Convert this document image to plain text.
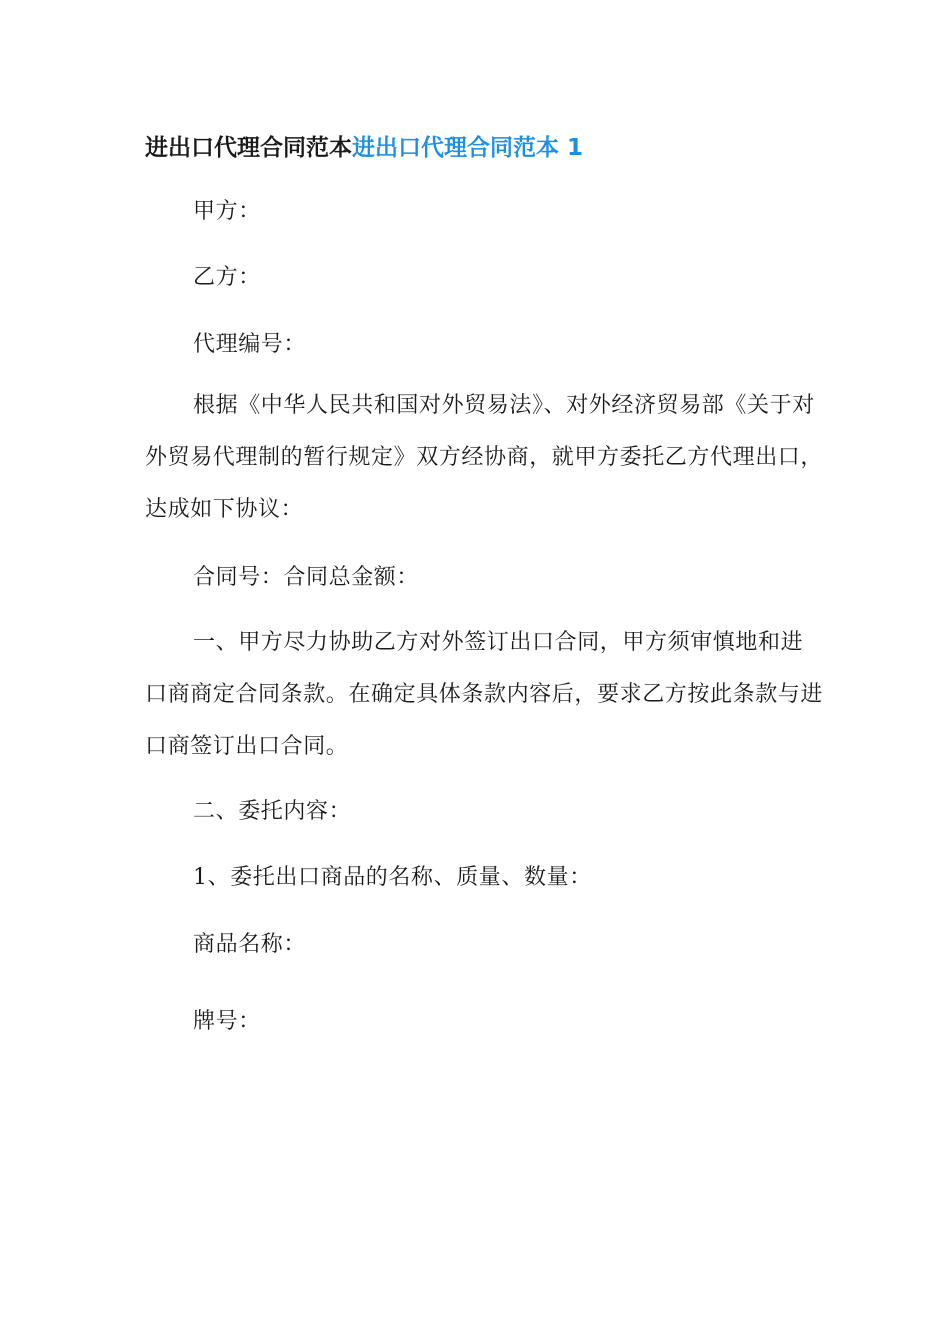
进出口代理合同范本进出口代理合同范本 1

甲方：

乙方：

代理编号：

根据《中华人民共和国对外贸易法》、对外经济贸易部《关于对外贸易代理制的暂行规定》双方经协商，就甲方委托乙方代理出口，达成如下协议：

合同号：合同总金额：

一、甲方尽力协助乙方对外签订出口合同，甲方须审慎地和进口商商定合同条款。在确定具体条款内容后，要求乙方按此条款与进口商签订出口合同。

二、委托内容：

1、委托出口商品的名称、质量、数量：

商品名称：

牌号：
